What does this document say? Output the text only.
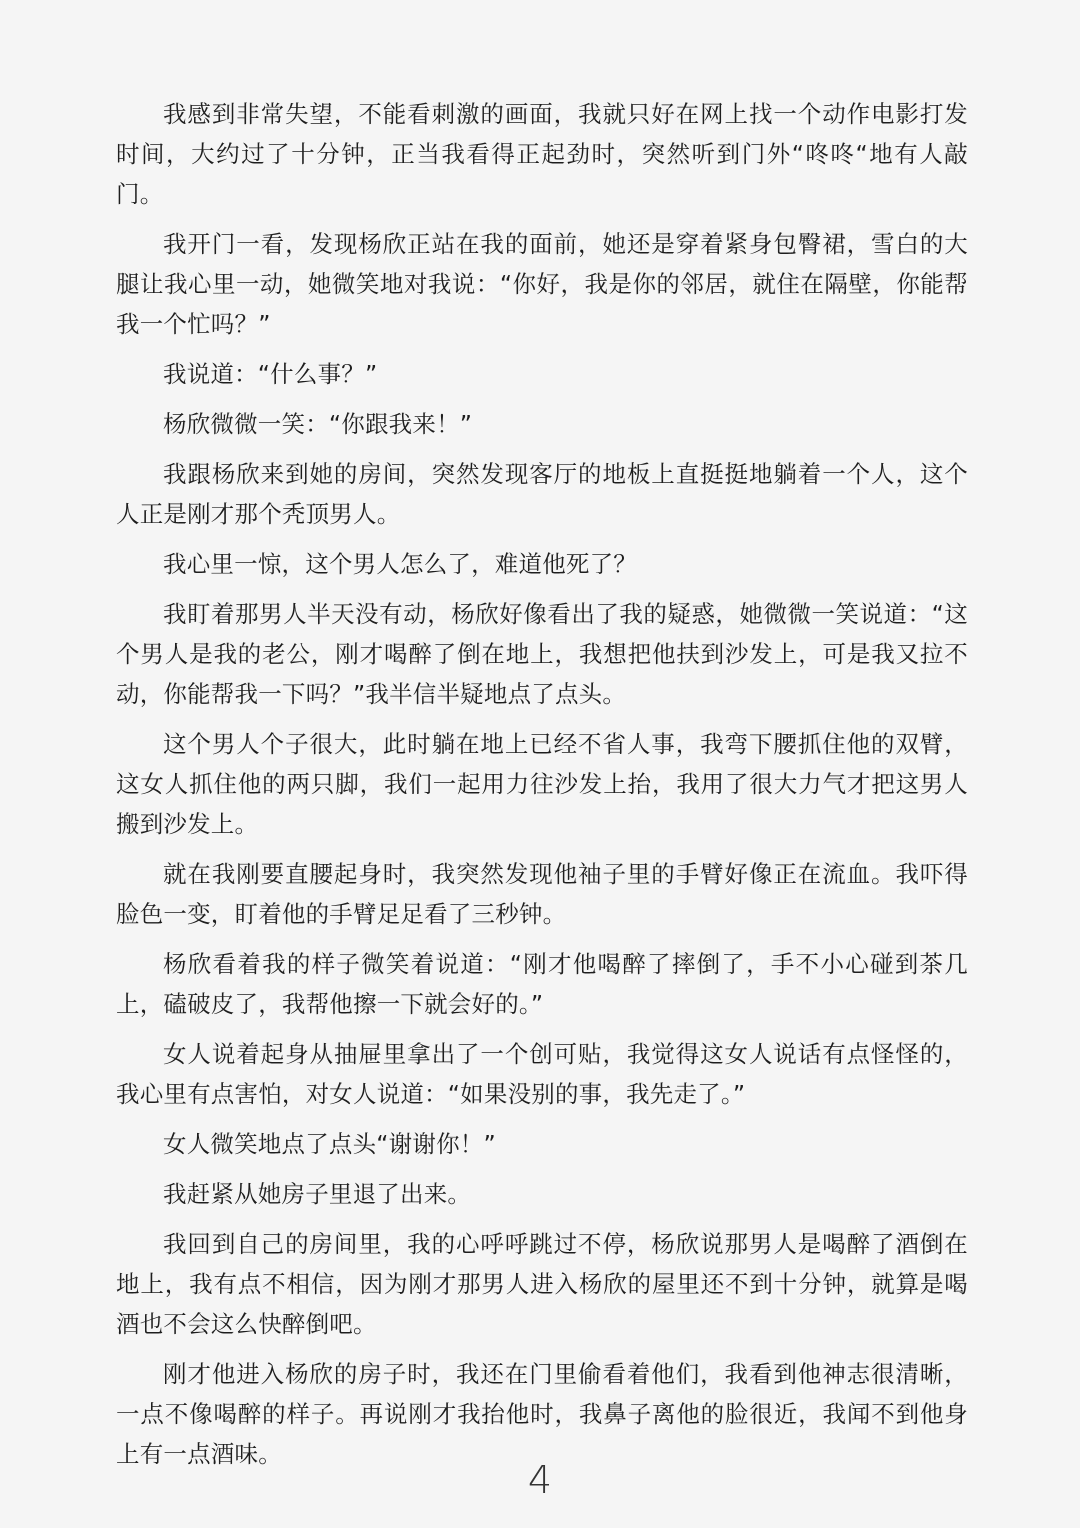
我感到非常失望，不能看刺激的画面，我就只好在网上找一个动作电影打发时间，大约过了十分钟，正当我看得正起劲时，突然听到门外“咚咚“地有人敲门。

我开门一看，发现杨欣正站在我的面前，她还是穿着紧身包臀裙，雪白的大腿让我心里一动，她微笑地对我说：“你好，我是你的邻居，就住在隔壁，你能帮我一个忙吗？”

我说道：“什么事？”

杨欣微微一笑：“你跟我来！”

我跟杨欣来到她的房间，突然发现客厅的地板上直挺挺地躺着一个人，这个人正是刚才那个秃顶男人。

我心里一惊，这个男人怎么了，难道他死了？

我盯着那男人半天没有动，杨欣好像看出了我的疑惑，她微微一笑说道：“这个男人是我的老公，刚才喝醉了倒在地上，我想把他扶到沙发上，可是我又拉不动，你能帮我一下吗？”我半信半疑地点了点头。

这个男人个子很大，此时躺在地上已经不省人事，我弯下腰抓住他的双臂，这女人抓住他的两只脚，我们一起用力往沙发上抬，我用了很大力气才把这男人搬到沙发上。

就在我刚要直腰起身时，我突然发现他袖子里的手臂好像正在流血。我吓得脸色一变，盯着他的手臂足足看了三秒钟。

杨欣看着我的样子微笑着说道：“刚才他喝醉了摔倒了，手不小心碰到茶几上，磕破皮了，我帮他擦一下就会好的。”

女人说着起身从抽屉里拿出了一个创可贴，我觉得这女人说话有点怪怪的，我心里有点害怕，对女人说道：“如果没别的事，我先走了。”

女人微笑地点了点头“谢谢你！”

我赶紧从她房子里退了出来。

我回到自己的房间里，我的心呼呼跳过不停，杨欣说那男人是喝醉了酒倒在地上，我有点不相信，因为刚才那男人进入杨欣的屋里还不到十分钟，就算是喝酒也不会这么快醉倒吧。

刚才他进入杨欣的房子时，我还在门里偷看着他们，我看到他神志很清晰，一点不像喝醉的样子。再说刚才我抬他时，我鼻子离他的脸很近，我闻不到他身上有一点酒味。

4
